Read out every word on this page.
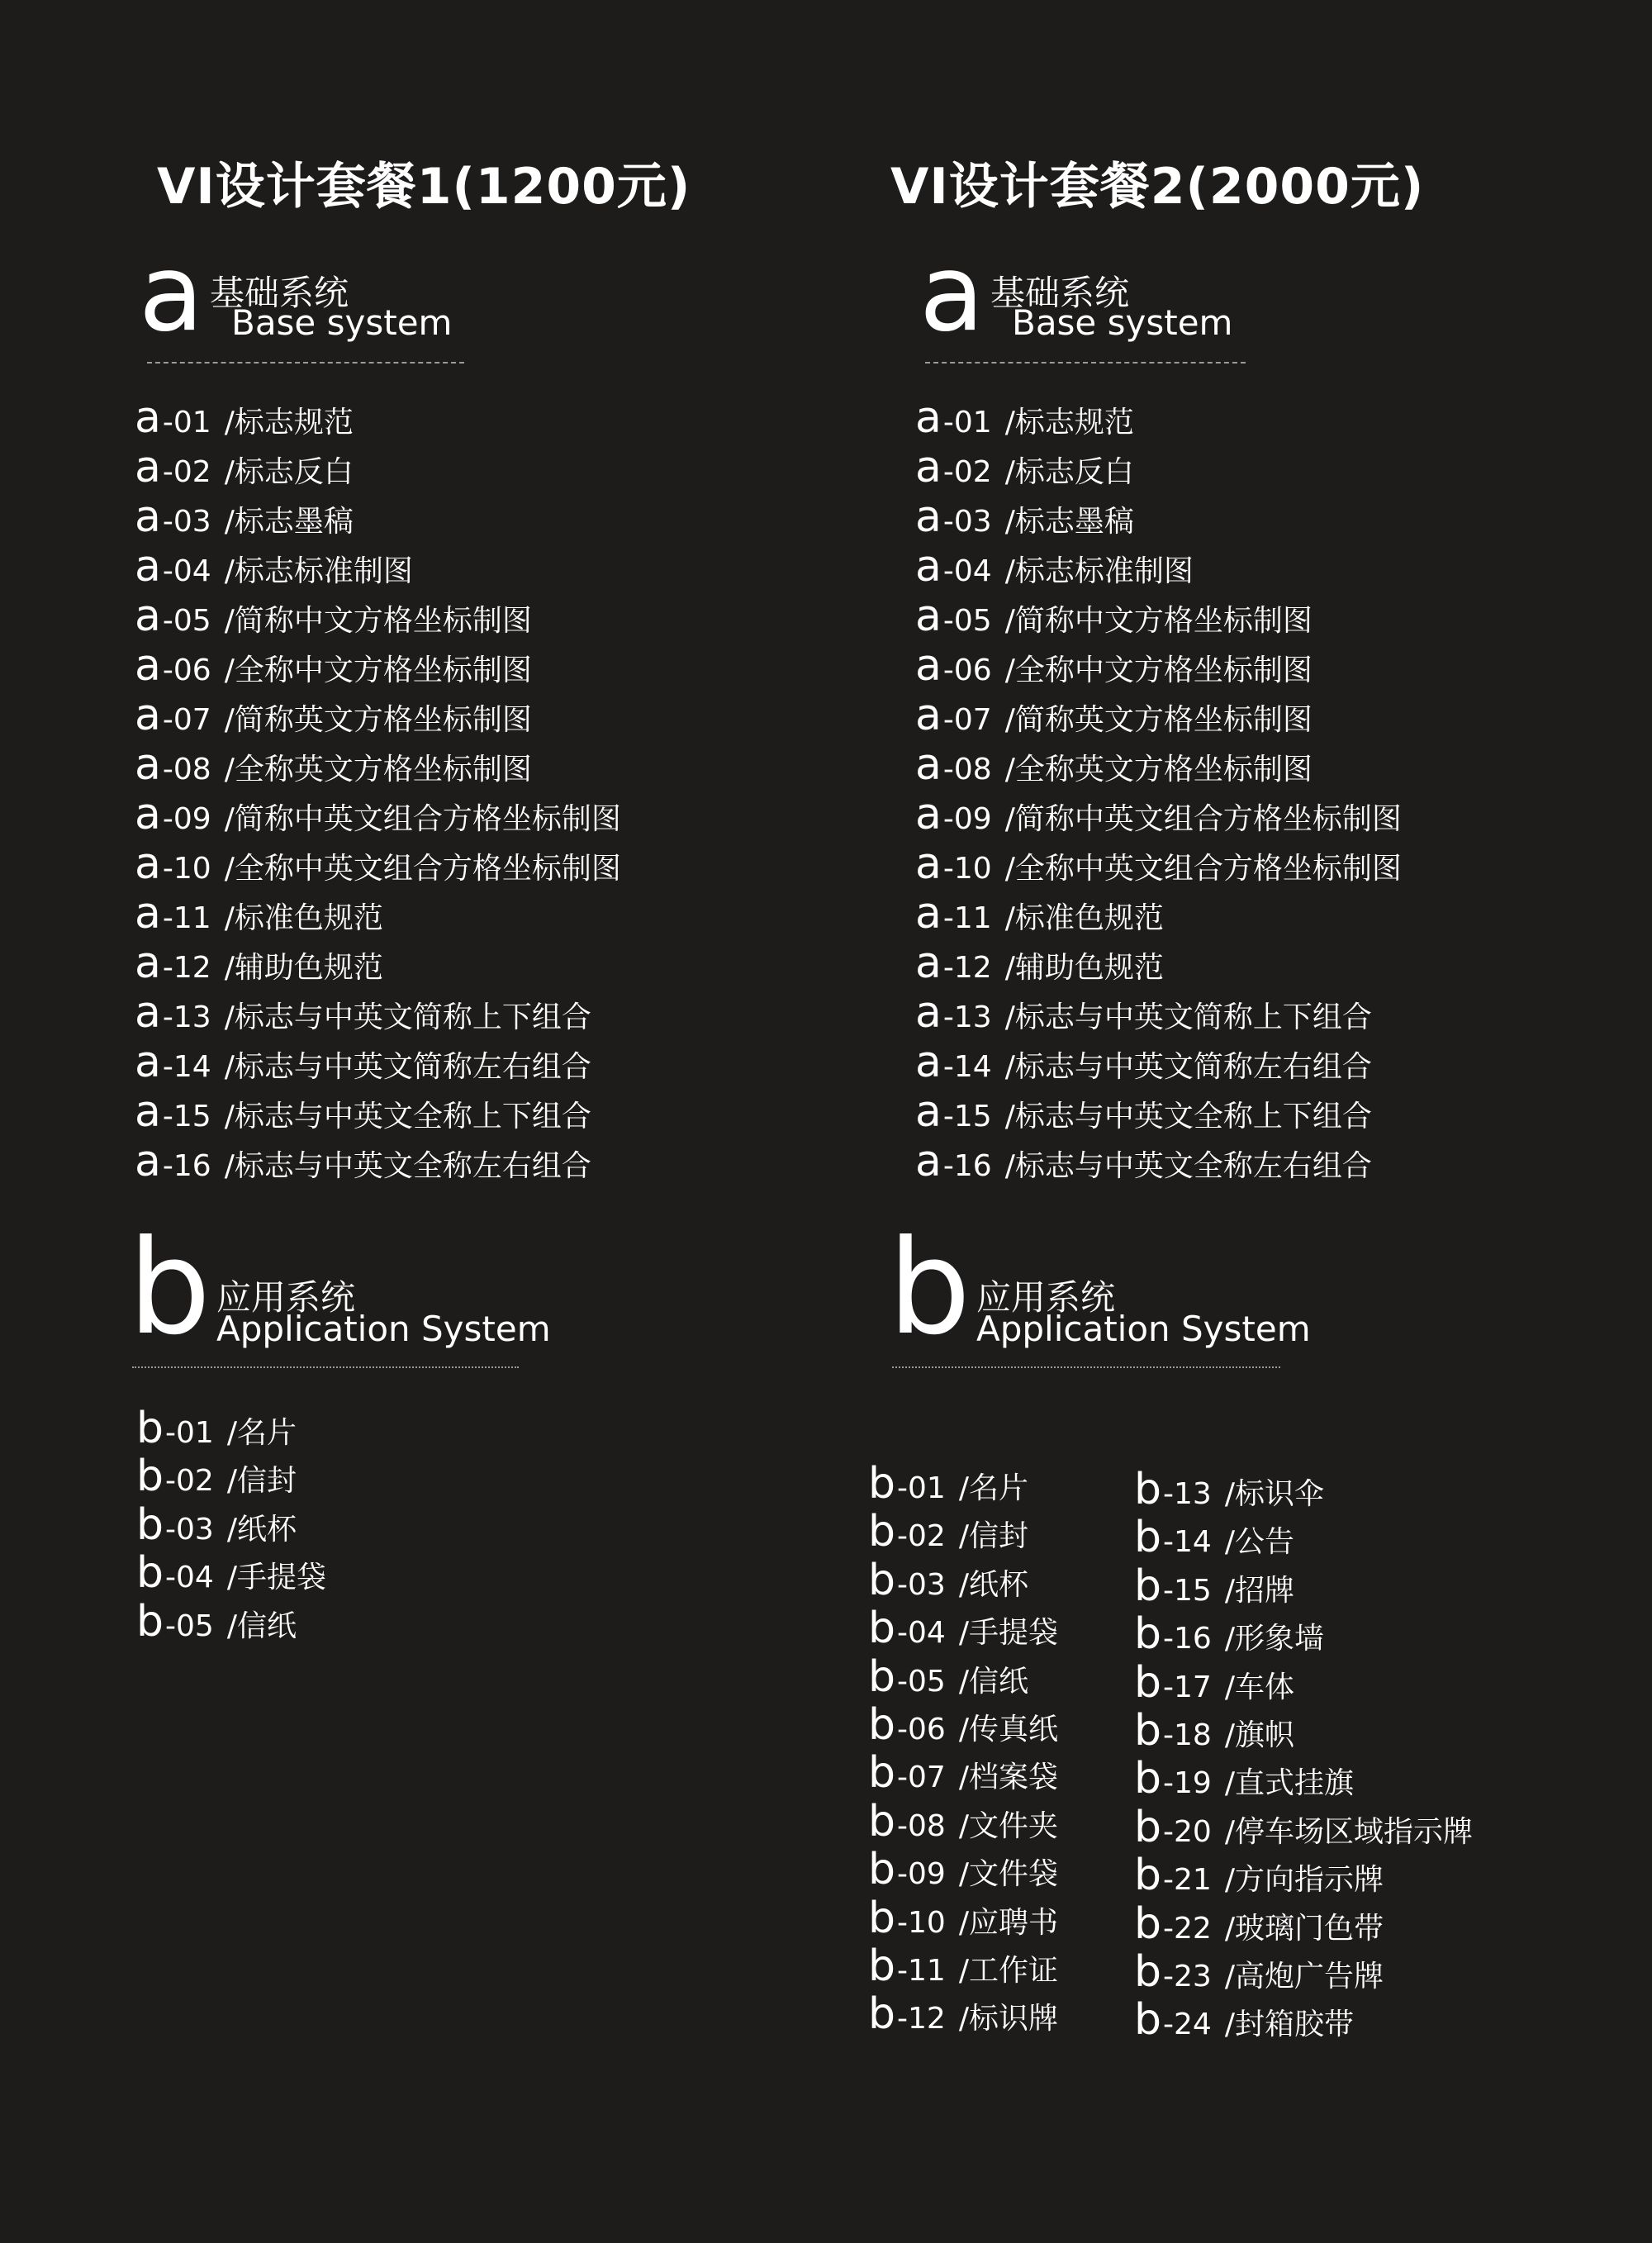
VI设计套餐1(1200元)
a 基础系统
Base system
a-01 /标志规范
a-02 /标志反白
a-03 /标志墨稿
a-04 /标志标准制图
a-05 /简称中文方格坐标制图
a-06 /全称中文方格坐标制图
a-07 /简称英文方格坐标制图
a-08 /全称英文方格坐标制图
a-09 /简称中英文组合方格坐标制图
a-10 /全称中英文组合方格坐标制图
a-11 /标准色规范
a-12 /辅助色规范
a-13 /标志与中英文简称上下组合
a-14 /标志与中英文简称左右组合
a-15 /标志与中英文全称上下组合
a-16 /标志与中英文全称左右组合
b 应用系统
Application System
b-01 /名片
b-02 /信封
b-03 /纸杯
b-04 /手提袋
b-05 /信纸
VI设计套餐2(2000元)
a 基础系统
Base system
a-01 /标志规范
a-02 /标志反白
a-03 /标志墨稿
a-04 /标志标准制图
a-05 /简称中文方格坐标制图
a-06 /全称中文方格坐标制图
a-07 /简称英文方格坐标制图
a-08 /全称英文方格坐标制图
a-09 /简称中英文组合方格坐标制图
a-10 /全称中英文组合方格坐标制图
a-11 /标准色规范
a-12 /辅助色规范
a-13 /标志与中英文简称上下组合
a-14 /标志与中英文简称左右组合
a-15 /标志与中英文全称上下组合
a-16 /标志与中英文全称左右组合
b 应用系统
Application System
b-01 /名片
b-02 /信封
b-03 /纸杯
b-04 /手提袋
b-05 /信纸
b-06 /传真纸
b-07 /档案袋
b-08 /文件夹
b-09 /文件袋
b-10 /应聘书
b-11 /工作证
b-12 /标识牌
b-13 /标识伞
b-14 /公告
b-15 /招牌
b-16 /形象墙
b-17 /车体
b-18 /旗帜
b-19 /直式挂旗
b-20 /停车场区域指示牌
b-21 /方向指示牌
b-22 /玻璃门色带
b-23 /高炮广告牌
b-24 /封箱胶带
